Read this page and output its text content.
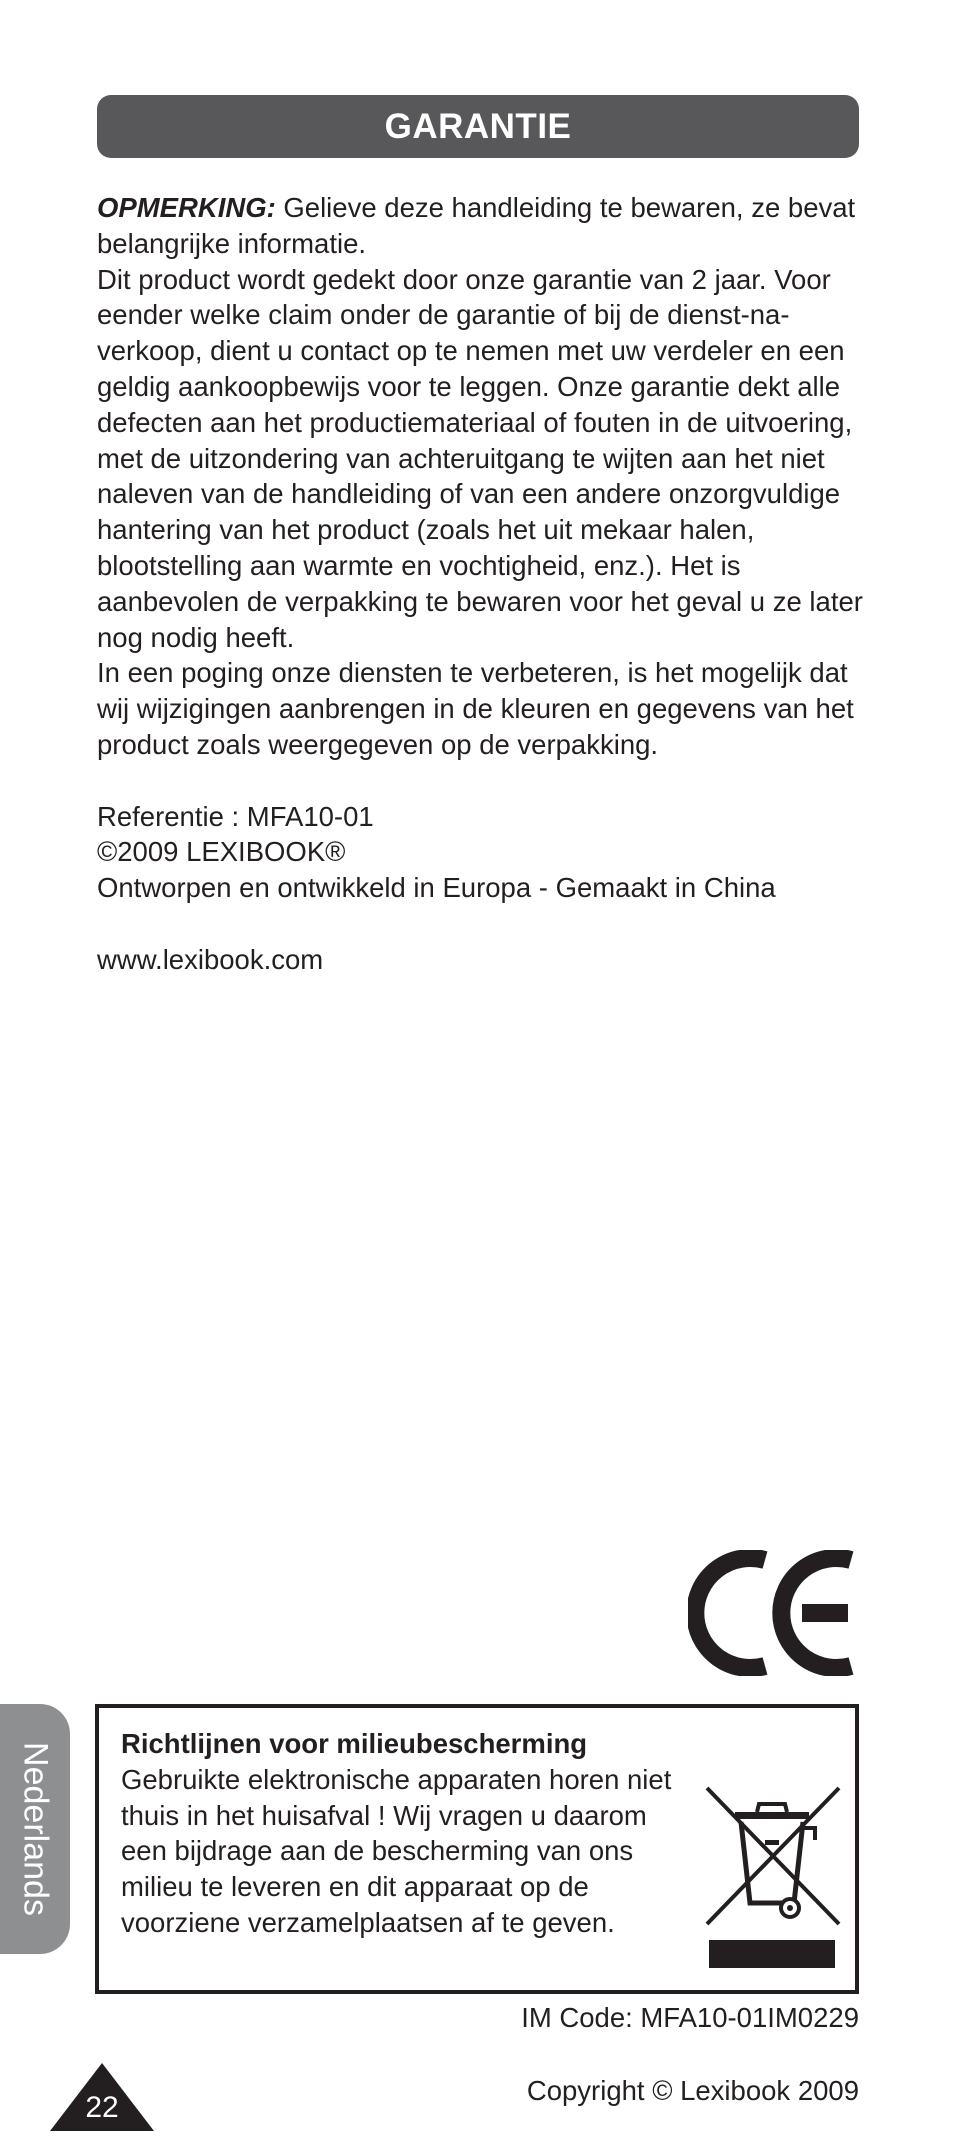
GARANTIE

OPMERKING: Gelieve deze handleiding te bewaren, ze bevat belangrijke informatie.

Dit product wordt gedekt door onze garantie van 2 jaar. Voor eender welke claim onder de garantie of bij de dienst-na-verkoop, dient u contact op te nemen met uw verdeler en een geldig aankoopbewijs voor te leggen. Onze garantie dekt alle defecten aan het productiemateriaal of fouten in de uitvoering, met de uitzondering van achteruitgang te wijten aan het niet naleven van de handleiding of van een andere onzorgvuldige hantering van het product (zoals het uit mekaar halen, blootstelling aan warmte en vochtigheid, enz.). Het is aanbevolen de verpakking te bewaren voor het geval u ze later nog nodig heeft.

In een poging onze diensten te verbeteren, is het mogelijk dat wij wijzigingen aanbrengen in de kleuren en gegevens van het product zoals weergegeven op de verpakking.

Referentie : MFA10-01

©2009 LEXIBOOK®

Ontworpen en ontwikkeld in Europa - Gemaakt in China

www.lexibook.com

Nederlands Richtlijnen voor milieubescherming

Gebruikte elektronische apparaten horen niet thuis in het huisafval ! Wij vragen u daarom een bijdrage aan de bescherming van ons milieu te leveren en dit apparaat op de voorziene verzamelplaatsen af te geven.

IM Code: MFA10-01IM0229
22
Copyright © Lexibook 2009
